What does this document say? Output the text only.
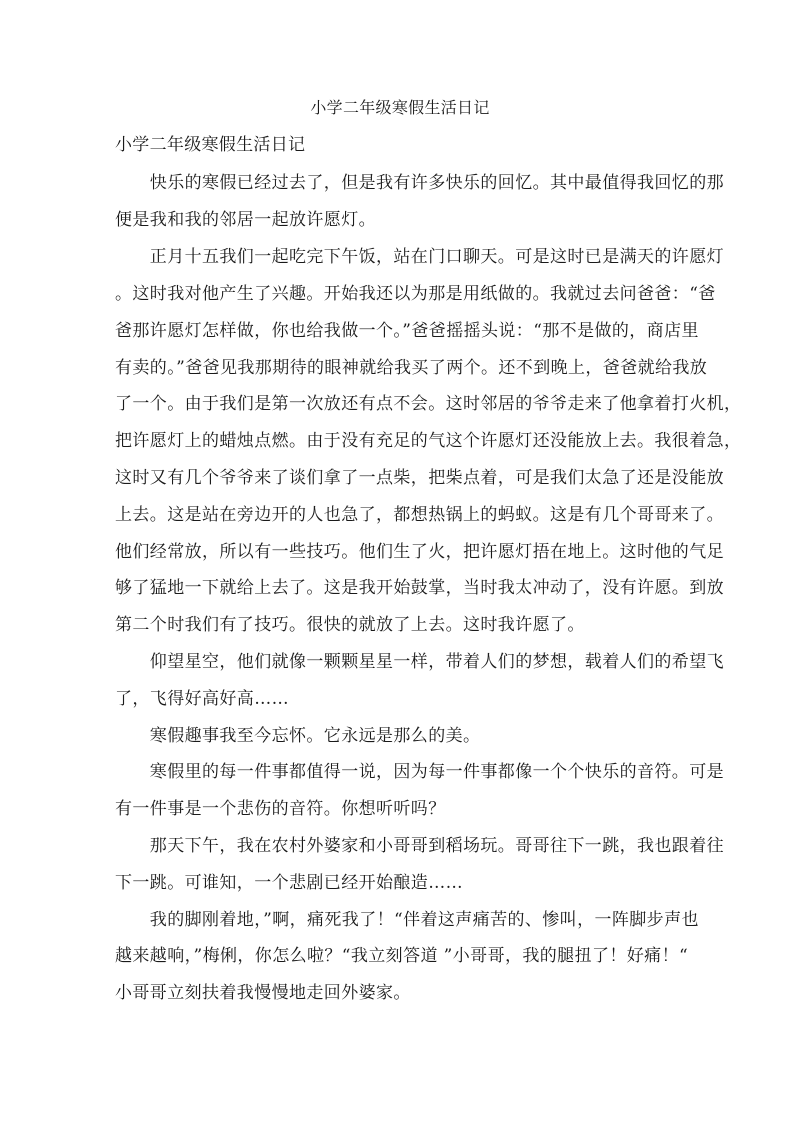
小学二年级寒假生活日记
小学二年级寒假生活日记
　　快乐的寒假已经过去了，但是我有许多快乐的回忆。其中最值得我回忆的那
便是我和我的邻居一起放许愿灯。
　　正月十五我们一起吃完下午饭，站在门口聊天。可是这时已是满天的许愿灯
。这时我对他产生了兴趣。开始我还以为那是用纸做的。我就过去问爸爸：“爸
爸那许愿灯怎样做，你也给我做一个。”爸爸摇摇头说：“那不是做的，商店里
有卖的。”爸爸见我那期待的眼神就给我买了两个。还不到晚上，爸爸就给我放
了一个。由于我们是第一次放还有点不会。这时邻居的爷爷走来了他拿着打火机，
把许愿灯上的蜡烛点燃。由于没有充足的气这个许愿灯还没能放上去。我很着急，
这时又有几个爷爷来了谈们拿了一点柴，把柴点着，可是我们太急了还是没能放
上去。这是站在旁边开的人也急了，都想热锅上的蚂蚁。这是有几个哥哥来了。
他们经常放，所以有一些技巧。他们生了火，把许愿灯捂在地上。这时他的气足
够了猛地一下就给上去了。这是我开始鼓掌，当时我太冲动了，没有许愿。到放
第二个时我们有了技巧。很快的就放了上去。这时我许愿了。
　　仰望星空，他们就像一颗颗星星一样，带着人们的梦想，载着人们的希望飞
了，飞得好高好高……
　　寒假趣事我至今忘怀。它永远是那么的美。
　　寒假里的每一件事都值得一说，因为每一件事都像一个个快乐的音符。可是
有一件事是一个悲伤的音符。你想听听吗？
　　那天下午，我在农村外婆家和小哥哥到稻场玩。哥哥往下一跳，我也跟着往
下一跳。可谁知，一个悲剧已经开始酿造……
　　我的脚刚着地，”啊，痛死我了！“伴着这声痛苦的、惨叫，一阵脚步声也
越来越响，”梅俐，你怎么啦？“我立刻答道 ”小哥哥，我的腿扭了！好痛！“
小哥哥立刻扶着我慢慢地走回外婆家。
